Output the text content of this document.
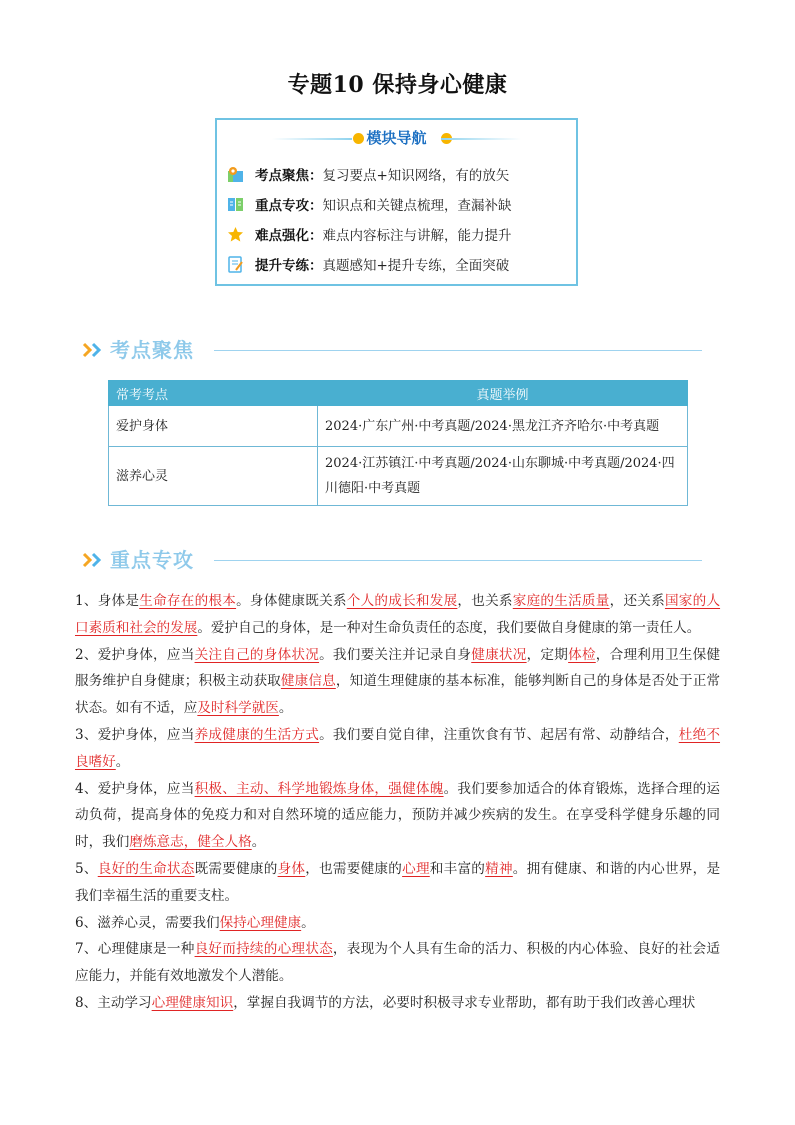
专题10 保持身心健康
模块导航
考点聚焦： 复习要点+知识网络，有的放矢
重点专攻： 知识点和关键点梳理，查漏补缺
难点强化： 难点内容标注与讲解，能力提升
提升专练： 真题感知+提升专练，全面突破
考点聚焦
常考考点	真题举例
爱护身体	2024·广东广州·中考真题/2024·黑龙江齐齐哈尔·中考真题
滋养心灵	2024·江苏镇江·中考真题/2024·山东聊城·中考真题/2024·四川德阳·中考真题
重点专攻

1、身体是生命存在的根本。身体健康既关系个人的成长和发展，也关系家庭的生活质量，还关系国家的人口素质和社会的发展。爱护自己的身体，是一种对生命负责任的态度，我们要做自身健康的第一责任人。

2、爱护身体，应当关注自己的身体状况。我们要关注并记录自身健康状况，定期体检，合理利用卫生保健服务维护自身健康；积极主动获取健康信息，知道生理健康的基本标准，能够判断自己的身体是否处于正常状态。如有不适，应及时科学就医。

3、爱护身体，应当养成健康的生活方式。我们要自觉自律，注重饮食有节、起居有常、动静结合，杜绝不良嗜好。

4、爱护身体，应当积极、主动、科学地锻炼身体，强健体魄。我们要参加适合的体育锻炼，选择合理的运动负荷，提高身体的免疫力和对自然环境的适应能力，预防并减少疾病的发生。在享受科学健身乐趣的同时，我们磨炼意志，健全人格。

5、良好的生命状态既需要健康的身体，也需要健康的心理和丰富的精神。拥有健康、和谐的内心世界，是我们幸福生活的重要支柱。

6、滋养心灵，需要我们保持心理健康。

7、心理健康是一种良好而持续的心理状态，表现为个人具有生命的活力、积极的内心体验、良好的社会适应能力，并能有效地激发个人潜能。

8、主动学习心理健康知识，掌握自我调节的方法，必要时积极寻求专业帮助，都有助于我们改善心理状
